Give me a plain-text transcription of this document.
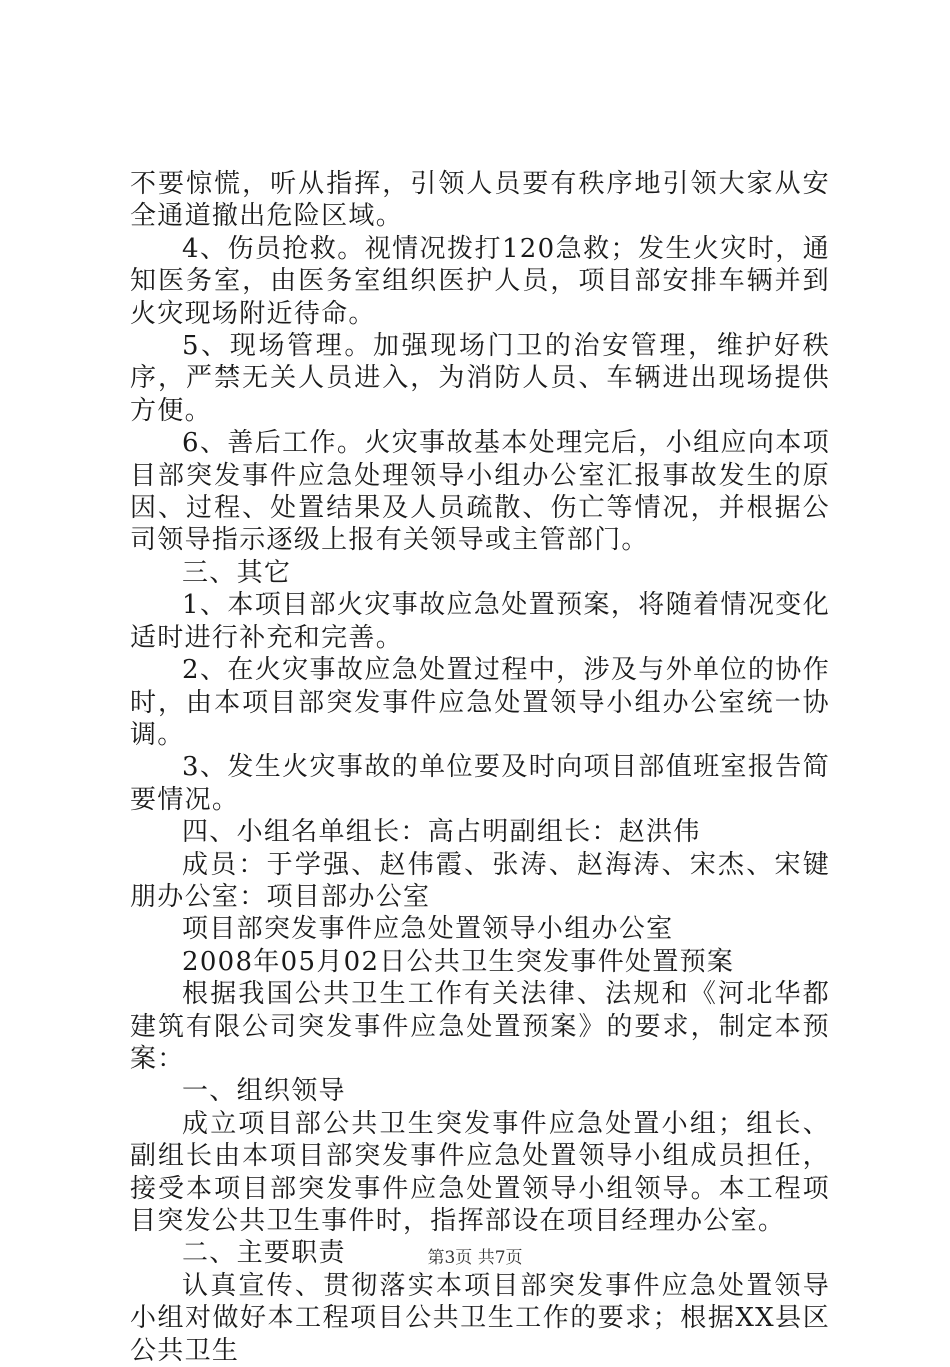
不要惊慌，听从指挥，引领人员要有秩序地引领大家从安全通道撤出危险区域。

4、伤员抢救。视情况拨打120急救；发生火灾时，通知医务室，由医务室组织医护人员，项目部安排车辆并到火灾现场附近待命。

5、现场管理。加强现场门卫的治安管理，维护好秩序，严禁无关人员进入，为消防人员、车辆进出现场提供方便。

6、善后工作。火灾事故基本处理完后，小组应向本项目部突发事件应急处理领导小组办公室汇报事故发生的原因、过程、处置结果及人员疏散、伤亡等情况，并根据公司领导指示逐级上报有关领导或主管部门。

三、其它

1、本项目部火灾事故应急处置预案，将随着情况变化适时进行补充和完善。

2、在火灾事故应急处置过程中，涉及与外单位的协作时，由本项目部突发事件应急处置领导小组办公室统一协调。

3、发生火灾事故的单位要及时向项目部值班室报告简要情况。

四、小组名单组长：高占明副组长：赵洪伟

成员：于学强、赵伟霞、张涛、赵海涛、宋杰、宋键朋办公室：项目部办公室

项目部突发事件应急处置领导小组办公室

2008年05月02日公共卫生突发事件处置预案

根据我国公共卫生工作有关法律、法规和《河北华都建筑有限公司突发事件应急处置预案》的要求，制定本预案：

一、组织领导

成立项目部公共卫生突发事件应急处置小组；组长、副组长由本项目部突发事件应急处置领导小组成员担任，接受本项目部突发事件应急处置领导小组领导。本工程项目突发公共卫生事件时，指挥部设在项目经理办公室。

二、主要职责

认真宣传、贯彻落实本项目部突发事件应急处置领导小组对做好本工程项目公共卫生工作的要求；根据XX县区公共卫生

第3页 共7页
